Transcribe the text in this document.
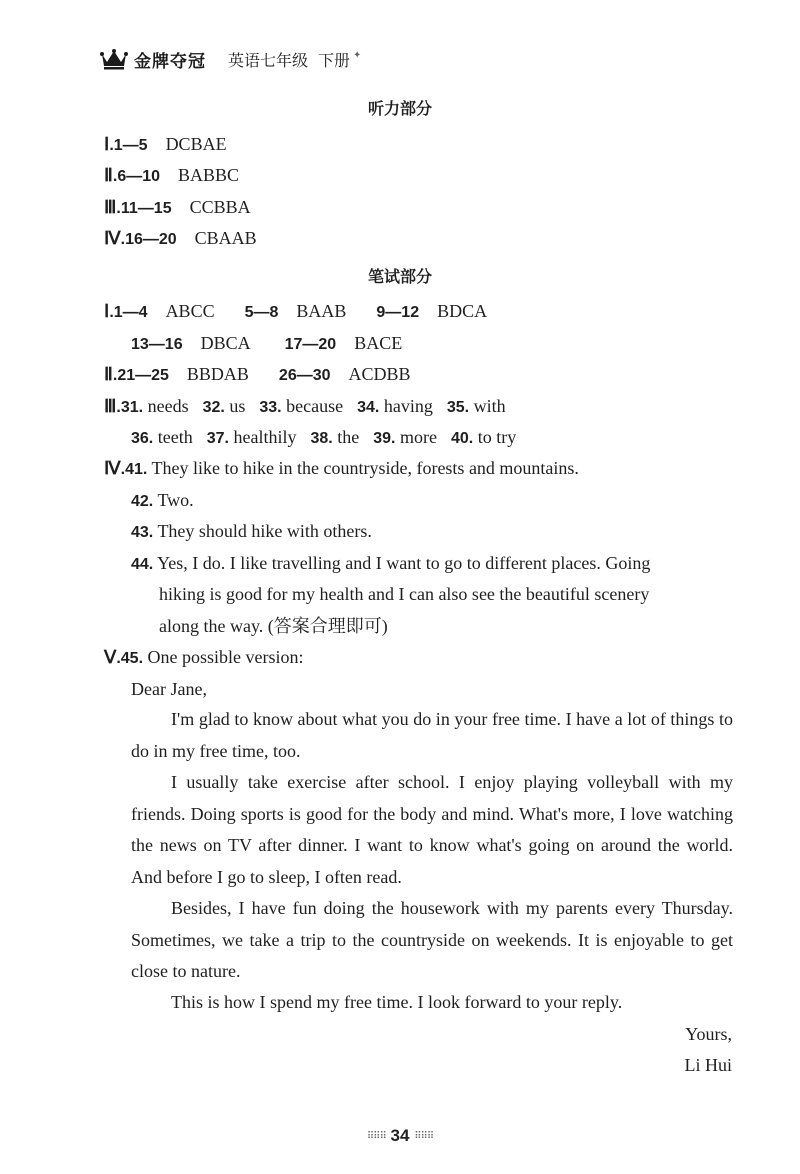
金牌夺冠 英语七年级 下册 ✦
听力部分
Ⅰ.1—5 DCBAE
Ⅱ.6—10 BABBC
Ⅲ.11—15 CCBBA
Ⅳ.16—20 CBAAB
笔试部分
Ⅰ.1—4 ABCC 5—8 BAAB 9—12 BDCA
13—16 DBCA 17—20 BACE
Ⅱ.21—25 BBDAB 26—30 ACDBB
Ⅲ.31. needs 32. us 33. because 34. having 35. with
36. teeth 37. healthily 38. the 39. more 40. to try
Ⅳ.41. They like to hike in the countryside, forests and mountains.
42. Two.
43. They should hike with others.
44. Yes, I do. I like travelling and I want to go to different places. Going
hiking is good for my health and I can also see the beautiful scenery
along the way. (答案合理即可)
Ⅴ.45. One possible version:
Dear Jane,
I'm glad to know about what you do in your free time. I have a lot of things to do in my free time, too.
I usually take exercise after school. I enjoy playing volleyball with my friends. Doing sports is good for the body and mind. What's more, I love watching the news on TV after dinner. I want to know what's going on around the world. And before I go to sleep, I often read.
Besides, I have fun doing the housework with my parents every Thursday. Sometimes, we take a trip to the countryside on weekends. It is enjoyable to get close to nature.
This is how I spend my free time. I look forward to your reply.
Yours,
Li Hui
⠿⠿⠿ 34 ⠿⠿⠿
